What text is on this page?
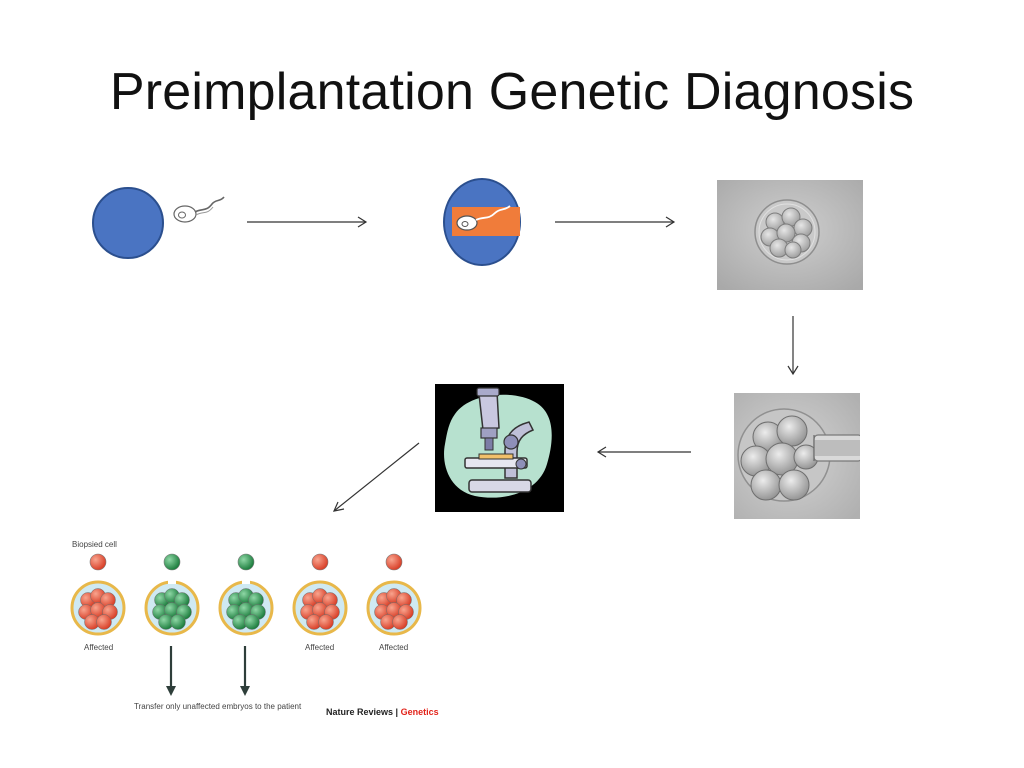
Preimplantation Genetic Diagnosis
Biopsied cell
Affected	Affected	Affected
Transfer only unaffected embryos to the patient
Nature Reviews | Genetics
